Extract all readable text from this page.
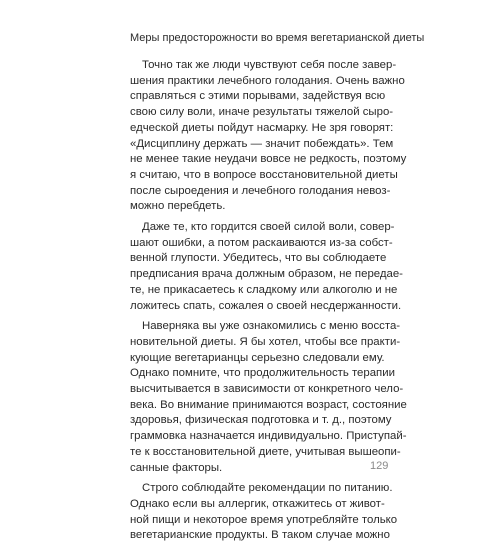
Меры предосторожности во время вегетарианской диеты

Точно так же люди чувствуют себя после завер-
шения практики лечебного голодания. Очень важно
справляться с этими порывами, задействуя всю
свою силу воли, иначе результаты тяжелой сыро-
едческой диеты пойдут насмарку. Не зря говорят:
«Дисциплину держать — значит побеждать». Тем
не менее такие неудачи вовсе не редкость, поэтому
я считаю, что в вопросе восстановительной диеты
после сыроедения и лечебного голодания невоз-
можно перебдеть.

Даже те, кто гордится своей силой воли, совер-
шают ошибки, а потом раскаиваются из-за собст-
венной глупости. Убедитесь, что вы соблюдаете
предписания врача должным образом, не передае-
те, не прикасаетесь к сладкому или алкоголю и не
ложитесь спать, сожалея о своей несдержанности.

Наверняка вы уже ознакомились с меню восста-
новительной диеты. Я бы хотел, чтобы все практи-
кующие вегетарианцы серьезно следовали ему.
Однако помните, что продолжительность терапии
высчитывается в зависимости от конкретного чело-
века. Во внимание принимаются возраст, состояние
здоровья, физическая подготовка и т. д., поэтому
граммовка назначается индивидуально. Приступай-
те к восстановительной диете, учитывая вышеопи-
санные факторы.

Строго соблюдайте рекомендации по питанию.
Однако если вы аллергик, откажитесь от живот-
ной пищи и некоторое время употребляйте только
вегетарианские продукты. В таком случае можно

129
